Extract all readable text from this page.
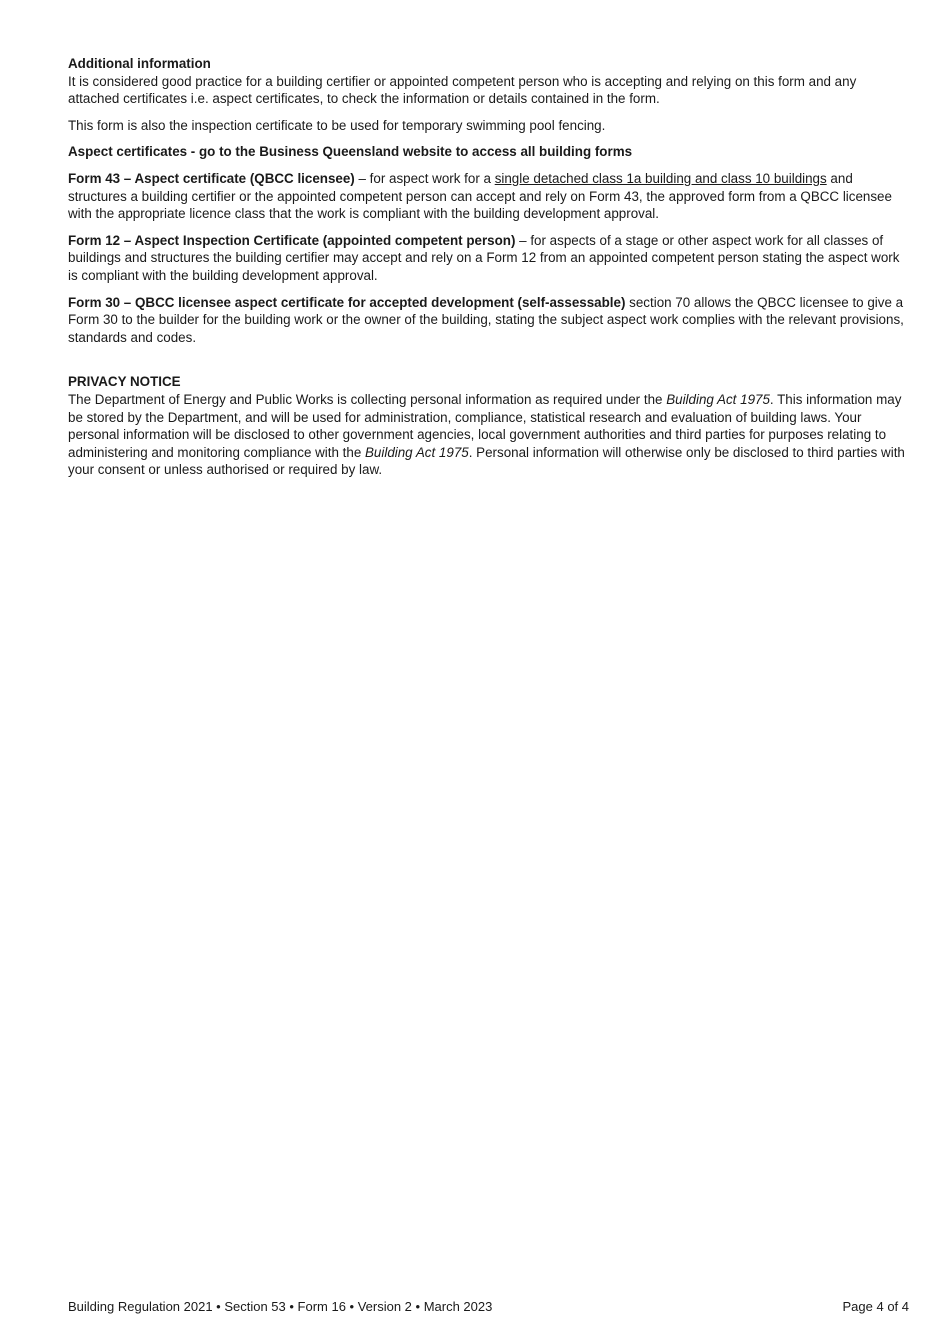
Additional information

It is considered good practice for a building certifier or appointed competent person who is accepting and relying on this form and any attached certificates i.e. aspect certificates, to check the information or details contained in the form.

This form is also the inspection certificate to be used for temporary swimming pool fencing.

Aspect certificates - go to the Business Queensland website to access all building forms

Form 43 – Aspect certificate (QBCC licensee) – for aspect work for a single detached class 1a building and class 10 buildings and structures a building certifier or the appointed competent person can accept and rely on Form 43, the approved form from a QBCC licensee with the appropriate licence class that the work is compliant with the building development approval.

Form 12 – Aspect Inspection Certificate (appointed competent person) – for aspects of a stage or other aspect work for all classes of buildings and structures the building certifier may accept and rely on a Form 12 from an appointed competent person stating the aspect work is compliant with the building development approval.

Form 30 – QBCC licensee aspect certificate for accepted development (self-assessable) section 70 allows the QBCC licensee to give a Form 30 to the builder for the building work or the owner of the building, stating the subject aspect work complies with the relevant provisions, standards and codes.

PRIVACY NOTICE

The Department of Energy and Public Works is collecting personal information as required under the Building Act 1975. This information may be stored by the Department, and will be used for administration, compliance, statistical research and evaluation of building laws. Your personal information will be disclosed to other government agencies, local government authorities and third parties for purposes relating to administering and monitoring compliance with the Building Act 1975. Personal information will otherwise only be disclosed to third parties with your consent or unless authorised or required by law.

Building Regulation 2021 • Section 53 • Form 16 • Version 2 • March 2023	Page 4 of 4
